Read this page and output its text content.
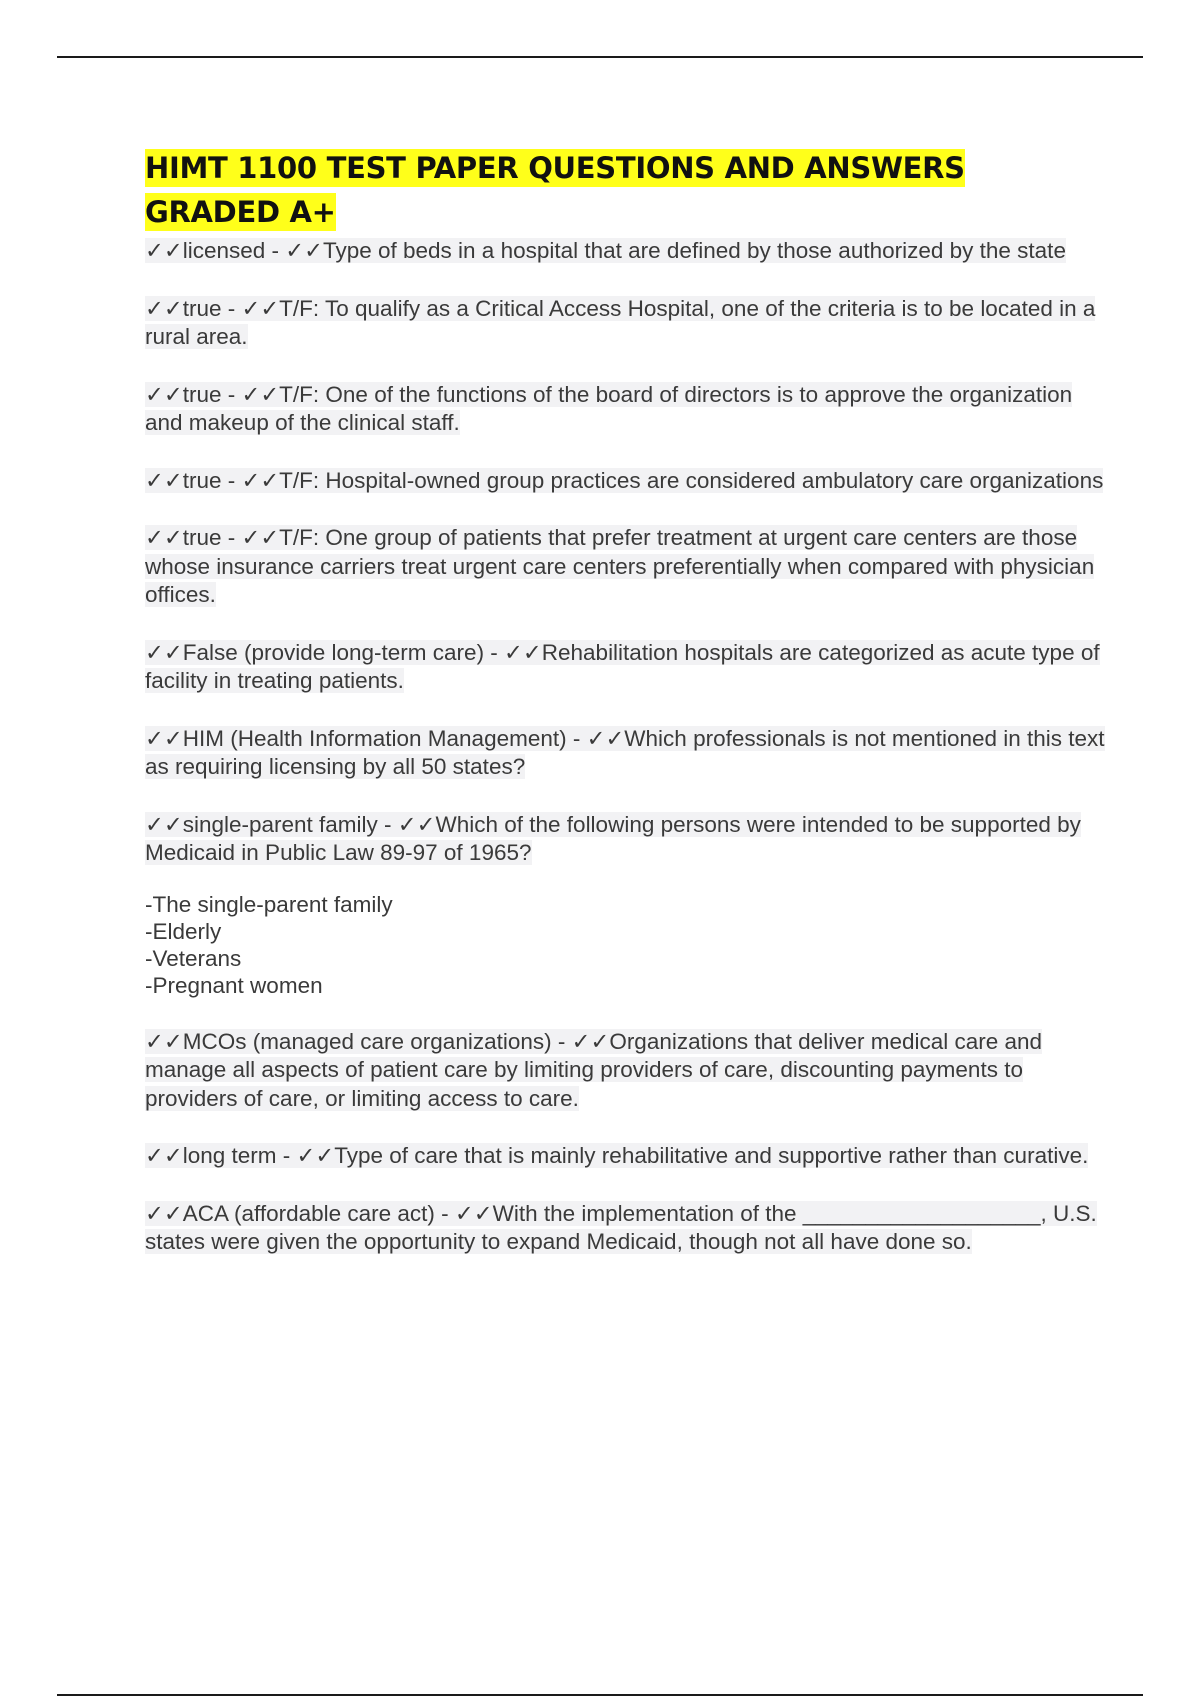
HIMT 1100 TEST PAPER QUESTIONS AND ANSWERS
GRADED A+
✓✓licensed - ✓✓Type of beds in a hospital that are defined by those authorized by the state
✓✓true - ✓✓T/F: To qualify as a Critical Access Hospital, one of the criteria is to be located in a rural area.
✓✓true - ✓✓T/F: One of the functions of the board of directors is to approve the organization and makeup of the clinical staff.
✓✓true - ✓✓T/F: Hospital-owned group practices are considered ambulatory care organizations
✓✓true - ✓✓T/F: One group of patients that prefer treatment at urgent care centers are those whose insurance carriers treat urgent care centers preferentially when compared with physician offices.
✓✓False (provide long-term care) - ✓✓Rehabilitation hospitals are categorized as acute type of facility in treating patients.
✓✓HIM (Health Information Management) - ✓✓Which professionals is not mentioned in this text as requiring licensing by all 50 states?
✓✓single-parent family - ✓✓Which of the following persons were intended to be supported by Medicaid in Public Law 89-97 of 1965?
-The single-parent family
-Elderly
-Veterans
-Pregnant women
✓✓MCOs (managed care organizations) - ✓✓Organizations that deliver medical care and manage all aspects of patient care by limiting providers of care, discounting payments to providers of care, or limiting access to care.
✓✓long term - ✓✓Type of care that is mainly rehabilitative and supportive rather than curative.
✓✓ACA (affordable care act) - ✓✓With the implementation of the ___________________, U.S. states were given the opportunity to expand Medicaid, though not all have done so.
